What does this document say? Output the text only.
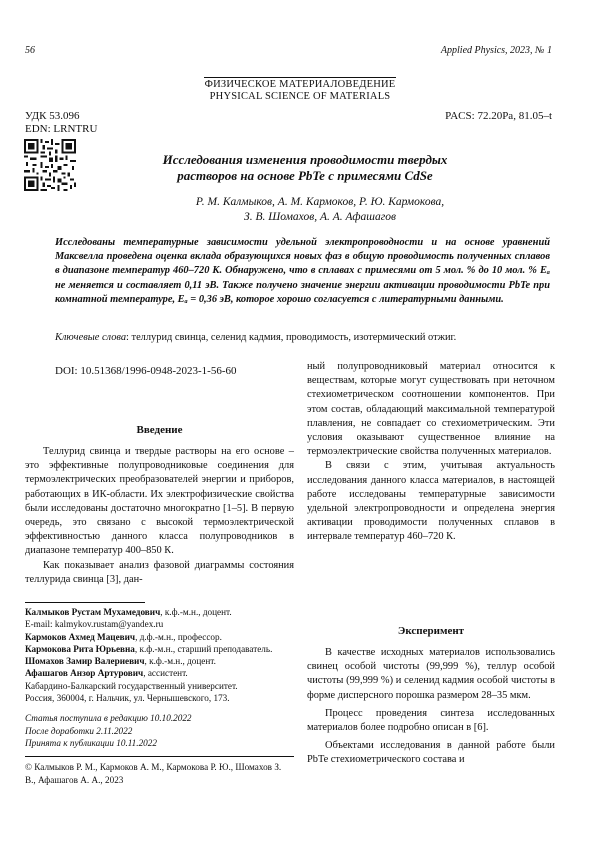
56	Applied Physics, 2023, № 1
ФИЗИЧЕСКОЕ МАТЕРИАЛОВЕДЕНИЕ
PHYSICAL SCIENCE OF MATERIALS
УДК 53.096
EDN: LRNTRU
PACS: 72.20Pa, 81.05–t
Исследования изменения проводимости твердых растворов на основе PbTe с примесями CdSe
Р. М. Калмыков, А. М. Кармоков, Р. Ю. Кармокова,
З. В. Шомахов, А. А. Афашагов
Исследованы температурные зависимости удельной электропроводности и на основе уравнений Максвелла проведена оценка вклада образующихся новых фаз в общую проводимость полученных сплавов в диапазоне температур 460–720 К. Обнаружено, что в сплавах с примесями от 5 мол. % до 10 мол. % Eₐ не меняется и составляет 0,11 эВ. Также получено значение энергии активации проводимости PbTe при комнатной температуре, Eₐ = 0,36 эВ, которое хорошо согласуется с литературными данными.
Ключевые слова: теллурид свинца, селенид кадмия, проводимость, изотермический отжиг.
DOI: 10.51368/1996-0948-2023-1-56-60
Введение

Теллурид свинца и твердые растворы на его основе – это эффективные полупроводниковые соединения для термоэлектрических преобразователей энергии и приборов, работающих в ИК-области. Их электрофизические свойства были исследованы достаточно многократно [1–5]. В первую очередь, это связано с высокой термоэлектрической эффективностью данного класса полупроводников в диапазоне температур 400–850 К.

Как показывает анализ фазовой диаграммы состояния теллурида свинца [3], дан-

ный полупроводниковый материал относится к веществам, которые могут существовать при неточном стехиометрическом соотношении компонентов. При этом состав, обладающий максимальной температурой плавления, не совпадает со стехиометрическим. Эти условия оказывают существенное влияние на термоэлектрические свойства полученных материалов.

В связи с этим, учитывая актуальность исследования данного класса материалов, в настоящей работе исследованы температурные зависимости удельной электропроводности и определена энергия активации проводимости полученных сплавов в интервале температур 460–720 К.

Эксперимент

В качестве исходных материалов использовались свинец особой чистоты (99,999 %), теллур особой чистоты (99,999 %) и селенид кадмия особой чистоты в форме дисперсного порошка размером 28–35 мкм.

Процесс проведения синтеза исследованных материалов более подробно описан в [6].

Объектами исследования в данной работе были PbTe стехиометрического состава и

Калмыков Рустам Мухамедович, к.ф.-м.н., доцент.
E-mail: kalmykov.rustam@yandex.ru
Кармоков Ахмед Мацевич, д.ф.-м.н., профессор.
Кармокова Рита Юрьевна, к.ф.-м.н., старший преподаватель.
Шомахов Замир Валериевич, к.ф.-м.н., доцент.
Афашагов Анзор Артурович, ассистент.
Кабардино-Балкарский государственный университет.
Россия, 360004, г. Нальчик, ул. Чернышевского, 173.
Статья поступила в редакцию 10.10.2022
После доработки 2.11.2022
Принята к публикации 10.11.2022
© Калмыков Р. М., Кармоков А. М., Кармокова Р. Ю., Шомахов З. В., Афашагов А. А., 2023
